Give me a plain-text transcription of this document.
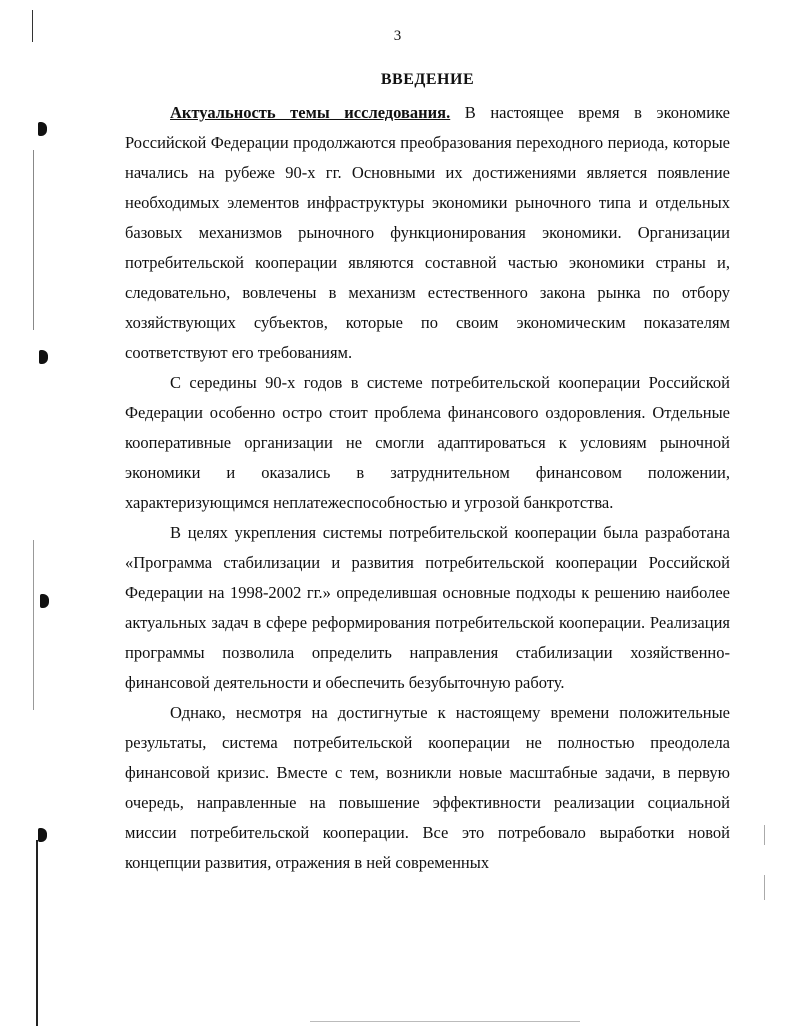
3
ВВЕДЕНИЕ

Актуальность темы исследования. В настоящее время в экономике Российской Федерации продолжаются преобразования переходного периода, которые начались на рубеже 90-х гг. Основными их достижениями является появление необходимых элементов инфраструктуры экономики рыночного типа и отдельных базовых механизмов рыночного функционирования экономики. Организации потребительской кооперации являются составной частью экономики страны и, следовательно, вовлечены в механизм естественного закона рынка по отбору хозяйствующих субъектов, которые по своим экономическим показателям соответствуют его требованиям.

С середины 90-х годов в системе потребительской кооперации Российской Федерации особенно остро стоит проблема финансового оздоровления. Отдельные кооперативные организации не смогли адаптироваться к условиям рыночной экономики и оказались в затруднительном финансовом положении, характеризующимся неплатежеспособностью и угрозой банкротства.

В целях укрепления системы потребительской кооперации была разработана «Программа стабилизации и развития потребительской кооперации Российской Федерации на 1998-2002 гг.» определившая основные подходы к решению наиболее актуальных задач в сфере реформирования потребительской кооперации. Реализация программы позволила определить направления стабилизации хозяйственно-финансовой деятельности и обеспечить безубыточную работу.

Однако, несмотря на достигнутые к настоящему времени положительные результаты, система потребительской кооперации не полностью преодолела финансовой кризис. Вместе с тем, возникли новые масштабные задачи, в первую очередь, направленные на повышение эффективности реализации социальной миссии потребительской кооперации. Все это потребовало выработки новой концепции развития, отражения в ней современных
